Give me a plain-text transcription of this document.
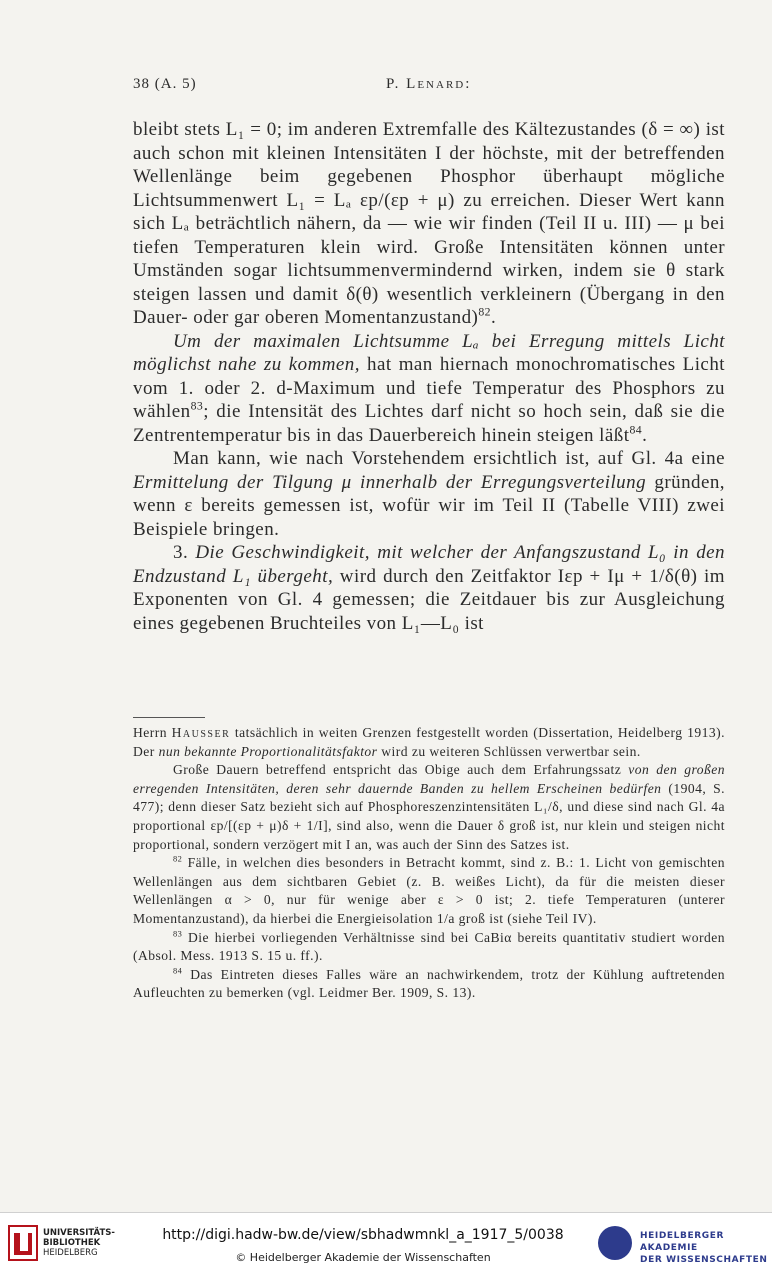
38 (A. 5)	P. Lenard:

bleibt stets L₁ = 0; im anderen Extremfalle des Kältezustandes (δ = ∞) ist auch schon mit kleinen Intensitäten I der höchste, mit der betreffenden Wellenlänge beim gegebenen Phosphor überhaupt mögliche Lichtsummenwert L₁ = Lₐ εp/(εp + μ) zu erreichen. Dieser Wert kann sich Lₐ beträchtlich nähern, da — wie wir finden (Teil II u. III) — μ bei tiefen Temperaturen klein wird. Große Intensitäten können unter Umständen sogar lichtsummenvermindernd wirken, indem sie θ stark steigen lassen und damit δ(θ) wesentlich verkleinern (Übergang in den Dauer- oder gar oberen Momentanzustand)$^{82}$.

Um der maximalen Lichtsumme Lₐ bei Erregung mittels Licht möglichst nahe zu kommen, hat man hiernach monochromatisches Licht vom 1. oder 2. d-Maximum und tiefe Temperatur des Phosphors zu wählen$^{83}$; die Intensität des Lichtes darf nicht so hoch sein, daß sie die Zentrentemperatur bis in das Dauerbereich hinein steigen läßt$^{84}$.

Man kann, wie nach Vorstehendem ersichtlich ist, auf Gl. 4a eine Ermittelung der Tilgung μ innerhalb der Erregungsverteilung gründen, wenn ε bereits gemessen ist, wofür wir im Teil II (Tabelle VIII) zwei Beispiele bringen.

3. Die Geschwindigkeit, mit welcher der Anfangszustand L₀ in den Endzustand L₁ übergeht, wird durch den Zeitfaktor Iεp + Iμ + 1/δ(θ) im Exponenten von Gl. 4 gemessen; die Zeitdauer bis zur Ausgleichung eines gegebenen Bruchteiles von L₁—L₀ ist

Herrn Hausser tatsächlich in weiten Grenzen festgestellt worden (Dissertation, Heidelberg 1913). Der nun bekannte Proportionalitätsfaktor wird zu weiteren Schlüssen verwertbar sein.

Große Dauern betreffend entspricht das Obige auch dem Erfahrungssatz von den großen erregenden Intensitäten, deren sehr dauernde Banden zu hellem Erscheinen bedürfen (1904, S. 477); denn dieser Satz bezieht sich auf Phosphoreszenzintensitäten L₁/δ, und diese sind nach Gl. 4a proportional εp/[(εp + μ)δ + 1/I], sind also, wenn die Dauer δ groß ist, nur klein und steigen nicht proportional, sondern verzögert mit I an, was auch der Sinn des Satzes ist.

$^{82}$ Fälle, in welchen dies besonders in Betracht kommt, sind z. B.: 1. Licht von gemischten Wellenlängen aus dem sichtbaren Gebiet (z. B. weißes Licht), da für die meisten dieser Wellenlängen α > 0, nur für wenige aber ε > 0 ist; 2. tiefe Temperaturen (unterer Momentanzustand), da hierbei die Energieisolation 1/a groß ist (siehe Teil IV).

$^{83}$ Die hierbei vorliegenden Verhältnisse sind bei CaBiα bereits quantitativ studiert worden (Absol. Mess. 1913 S. 15 u. ff.).

$^{84}$ Das Eintreten dieses Falles wäre an nachwirkendem, trotz der Kühlung auftretenden Aufleuchten zu bemerken (vgl. Leidmer Ber. 1909, S. 13).

UNIVERSITÄTS-
BIBLIOTHEK
HEIDELBERG
http://digi.hadw-bw.de/view/sbhadwmnkl_a_1917_5/0038
© Heidelberger Akademie der Wissenschaften
HEIDELBERGER AKADEMIE
DER WISSENSCHAFTEN
